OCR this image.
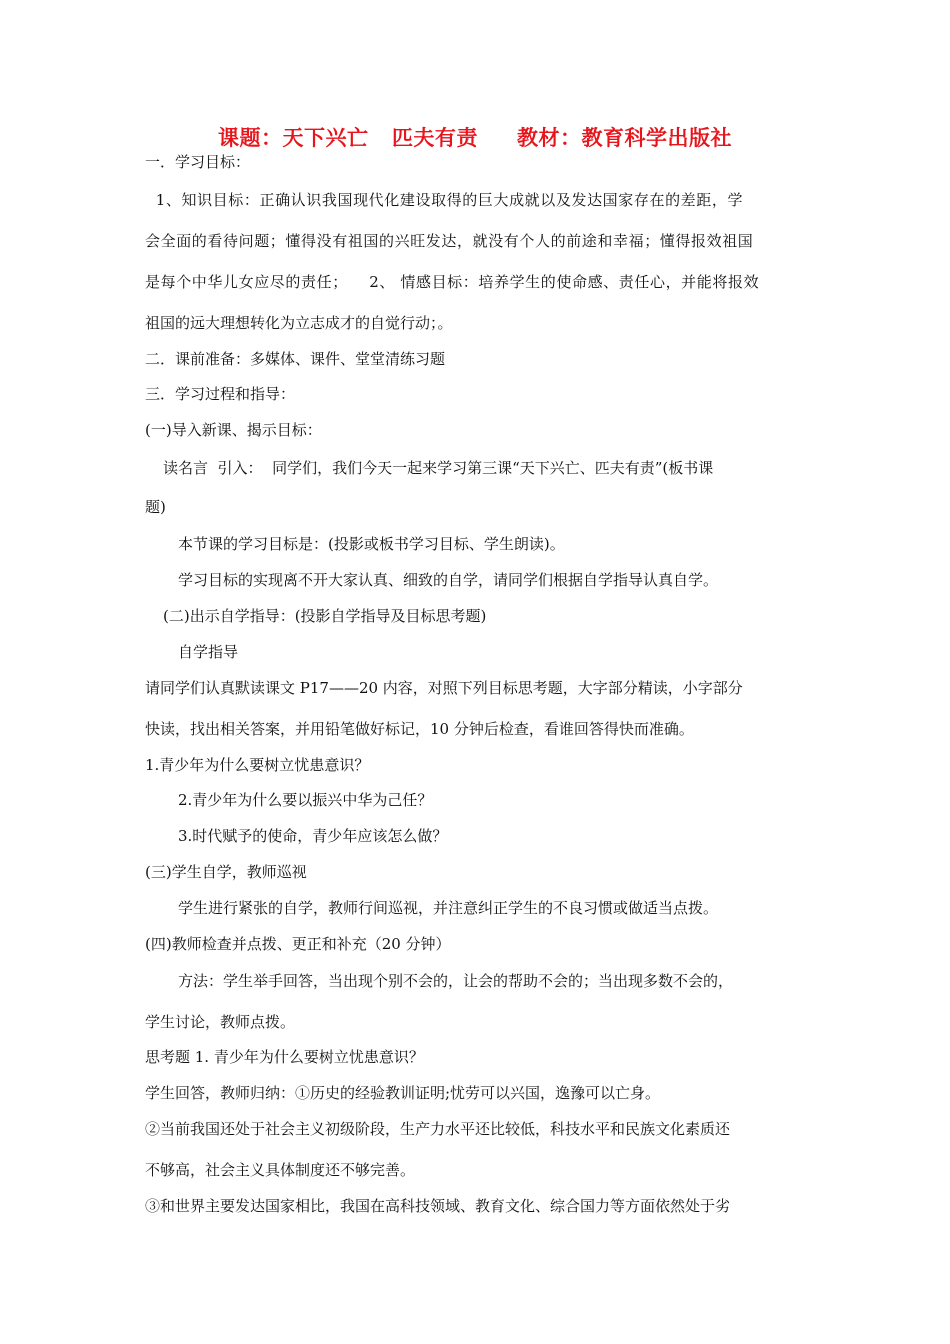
课题：天下兴亡   匹夫有责     教材：教育科学出版社
一．学习目标：
1、知识目标：正确认识我国现代化建设取得的巨大成就以及发达国家存在的差距，学
会全面的看待问题；懂得没有祖国的兴旺发达，就没有个人的前途和幸福；懂得报效祖国
是每个中华儿女应尽的责任；    2、 情感目标：培养学生的使命感、责任心，并能将报效
祖国的远大理想转化为立志成才的自觉行动；。
二．课前准备：多媒体、课件、堂堂清练习题
三．学习过程和指导：
(一)导入新课、揭示目标：
读名言  引入：  同学们，我们今天一起来学习第三课“天下兴亡、匹夫有责”(板书课
题)
本节课的学习目标是：(投影或板书学习目标、学生朗读)。
学习目标的实现离不开大家认真、细致的自学，请同学们根据自学指导认真自学。
(二)出示自学指导：(投影自学指导及目标思考题)
自学指导
请同学们认真默读课文 P17——20 内容，对照下列目标思考题，大字部分精读，小字部分
快读，找出相关答案，并用铅笔做好标记，10 分钟后检查，看谁回答得快而准确。
1.青少年为什么要树立忧患意识？
2.青少年为什么要以振兴中华为己任？
3.时代赋予的使命，青少年应该怎么做？
(三)学生自学，教师巡视
学生进行紧张的自学，教师行间巡视，并注意纠正学生的不良习惯或做适当点拨。
(四)教师检查并点拨、更正和补充（20 分钟）
方法：学生举手回答，当出现个别不会的，让会的帮助不会的；当出现多数不会的，
学生讨论，教师点拨。
思考题 1. 青少年为什么要树立忧患意识？
学生回答，教师归纳：①历史的经验教训证明;忧劳可以兴国，逸豫可以亡身。
②当前我国还处于社会主义初级阶段，生产力水平还比较低，科技水平和民族文化素质还
不够高，社会主义具体制度还不够完善。
③和世界主要发达国家相比，我国在高科技领域、教育文化、综合国力等方面依然处于劣
